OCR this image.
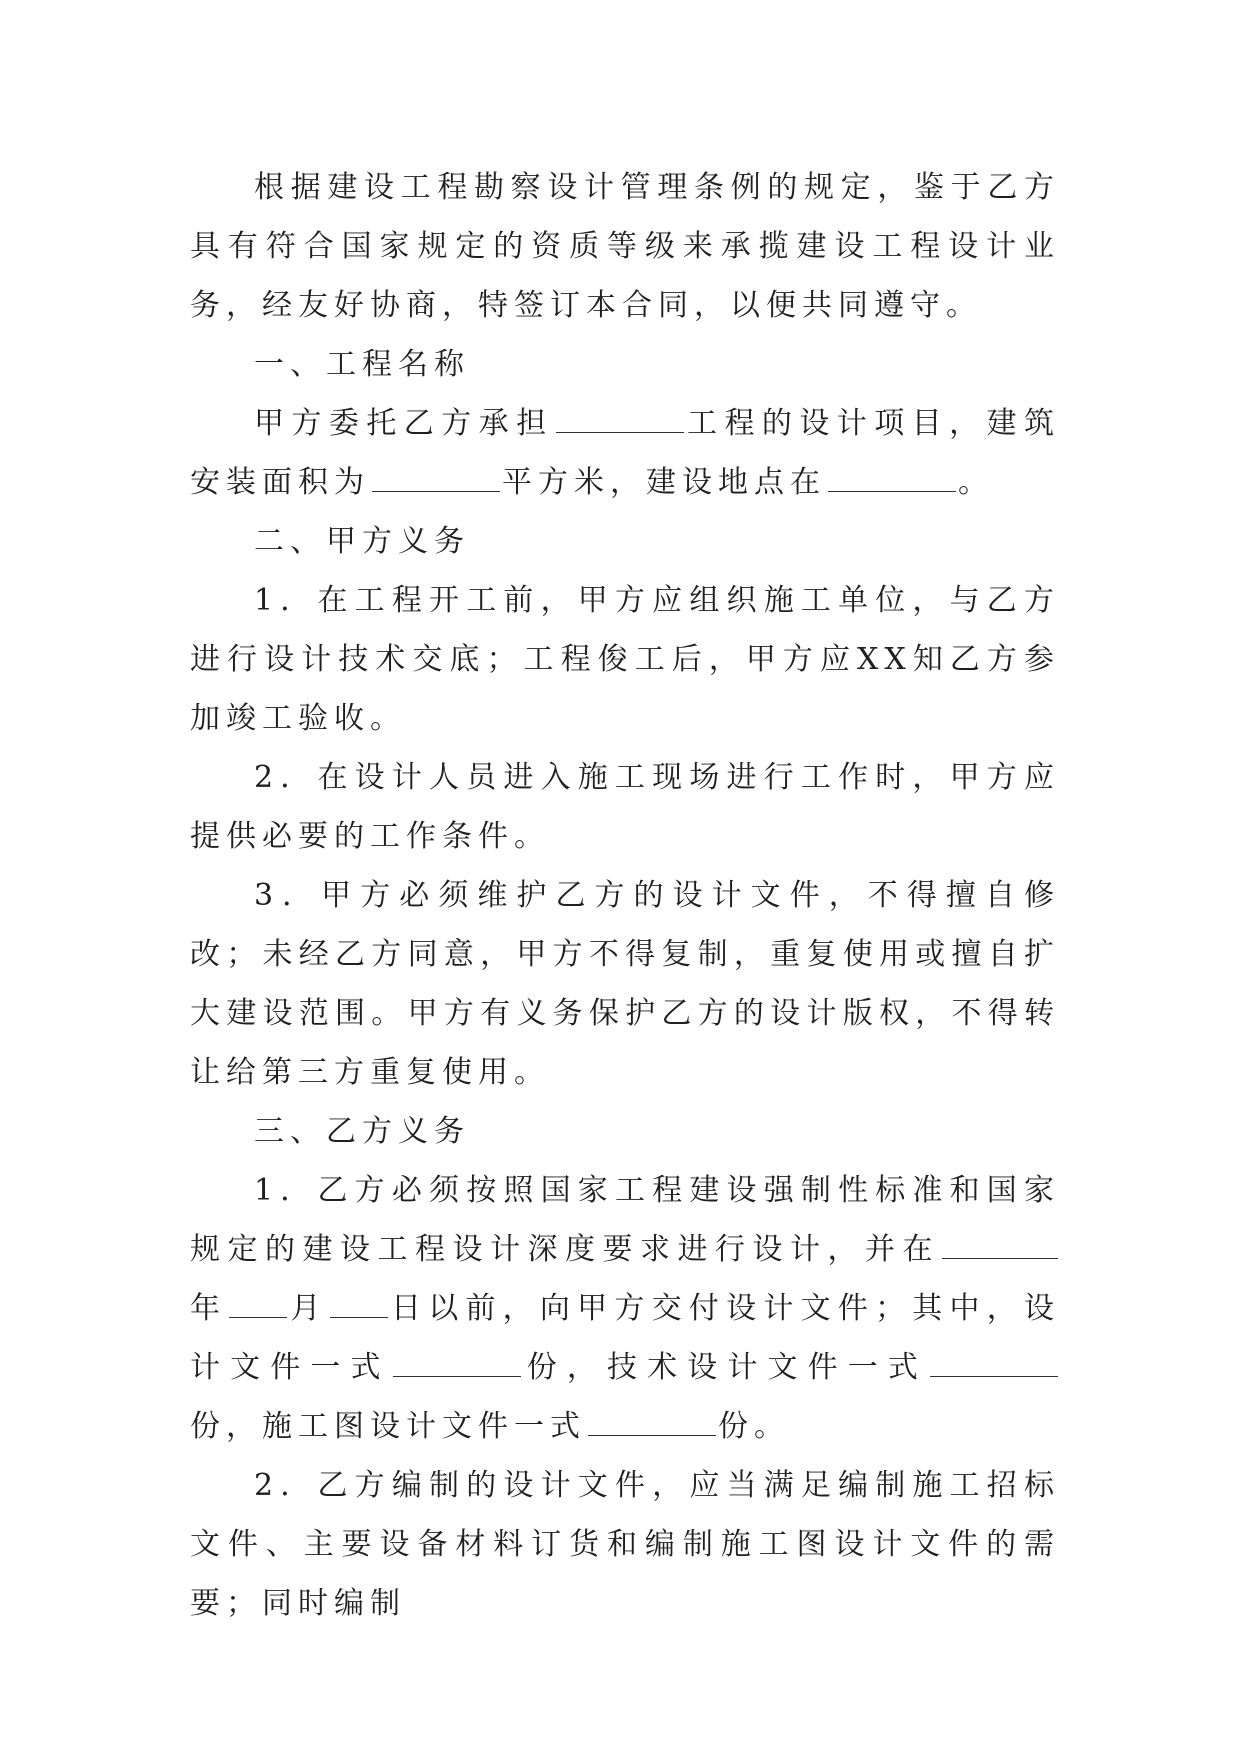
根据建设工程勘察设计管理条例的规定，鉴于乙方具有符合国家规定的资质等级来承揽建设工程设计业务，经友好协商，特签订本合同，以便共同遵守。

一、工程名称

甲方委托乙方承担	工程的设计项目，建筑安装面积为	平方米，建设地点在	。

二、甲方义务

1．在工程开工前，甲方应组织施工单位，与乙方进行设计技术交底；工程俊工后，甲方应XX知乙方参加竣工验收。

2．在设计人员进入施工现场进行工作时，甲方应提供必要的工作条件。

3．甲方必须维护乙方的设计文件，不得擅自修改；未经乙方同意，甲方不得复制，重复使用或擅自扩大建设范围。甲方有义务保护乙方的设计版权，不得转让给第三方重复使用。

三、乙方义务

1．乙方必须按照国家工程建设强制性标准和国家规定的建设工程设计深度要求进行设计，并在年 月 日以前，向甲方交付设计文件；其中，设计文件一式	份，技术设计文件一式份，施工图设计文件一式	份。

2．乙方编制的设计文件，应当满足编制施工招标文件、主要设备材料订货和编制施工图设计文件的需要；同时编制
